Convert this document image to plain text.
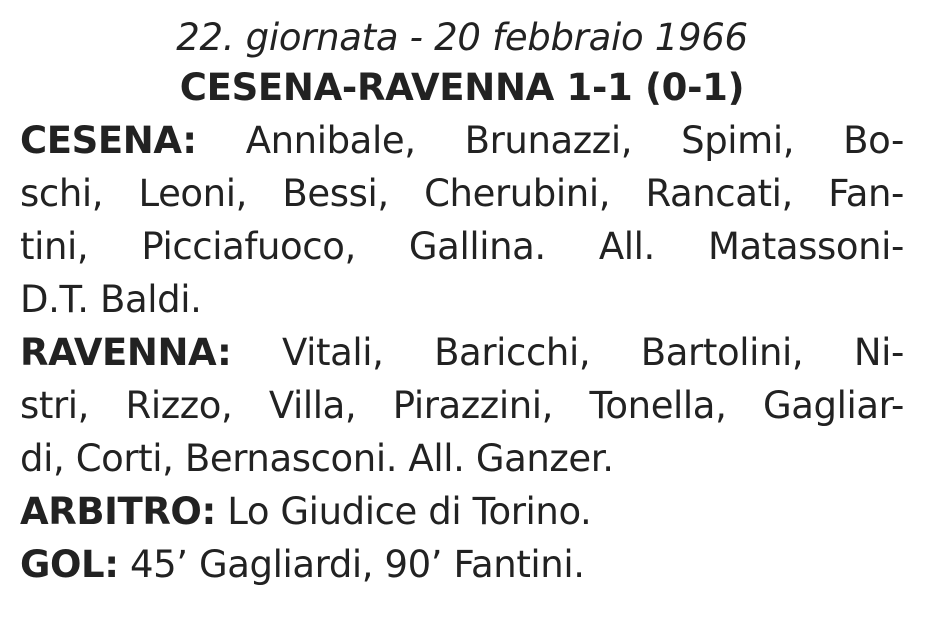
22. giornata - 20 febbraio 1966
CESENA-RAVENNA 1-1 (0-1)
CESENA: Annibale, Brunazzi, Spimi, Bo-
schi, Leoni, Bessi, Cherubini, Rancati, Fan-
tini, Picciafuoco, Gallina. All. Matassoni-
D.T. Baldi.
RAVENNA: Vitali, Baricchi, Bartolini, Ni-
stri, Rizzo, Villa, Pirazzini, Tonella, Gagliar-
di, Corti, Bernasconi. All. Ganzer.
ARBITRO: Lo Giudice di Torino.
GOL: 45’ Gagliardi, 90’ Fantini.
